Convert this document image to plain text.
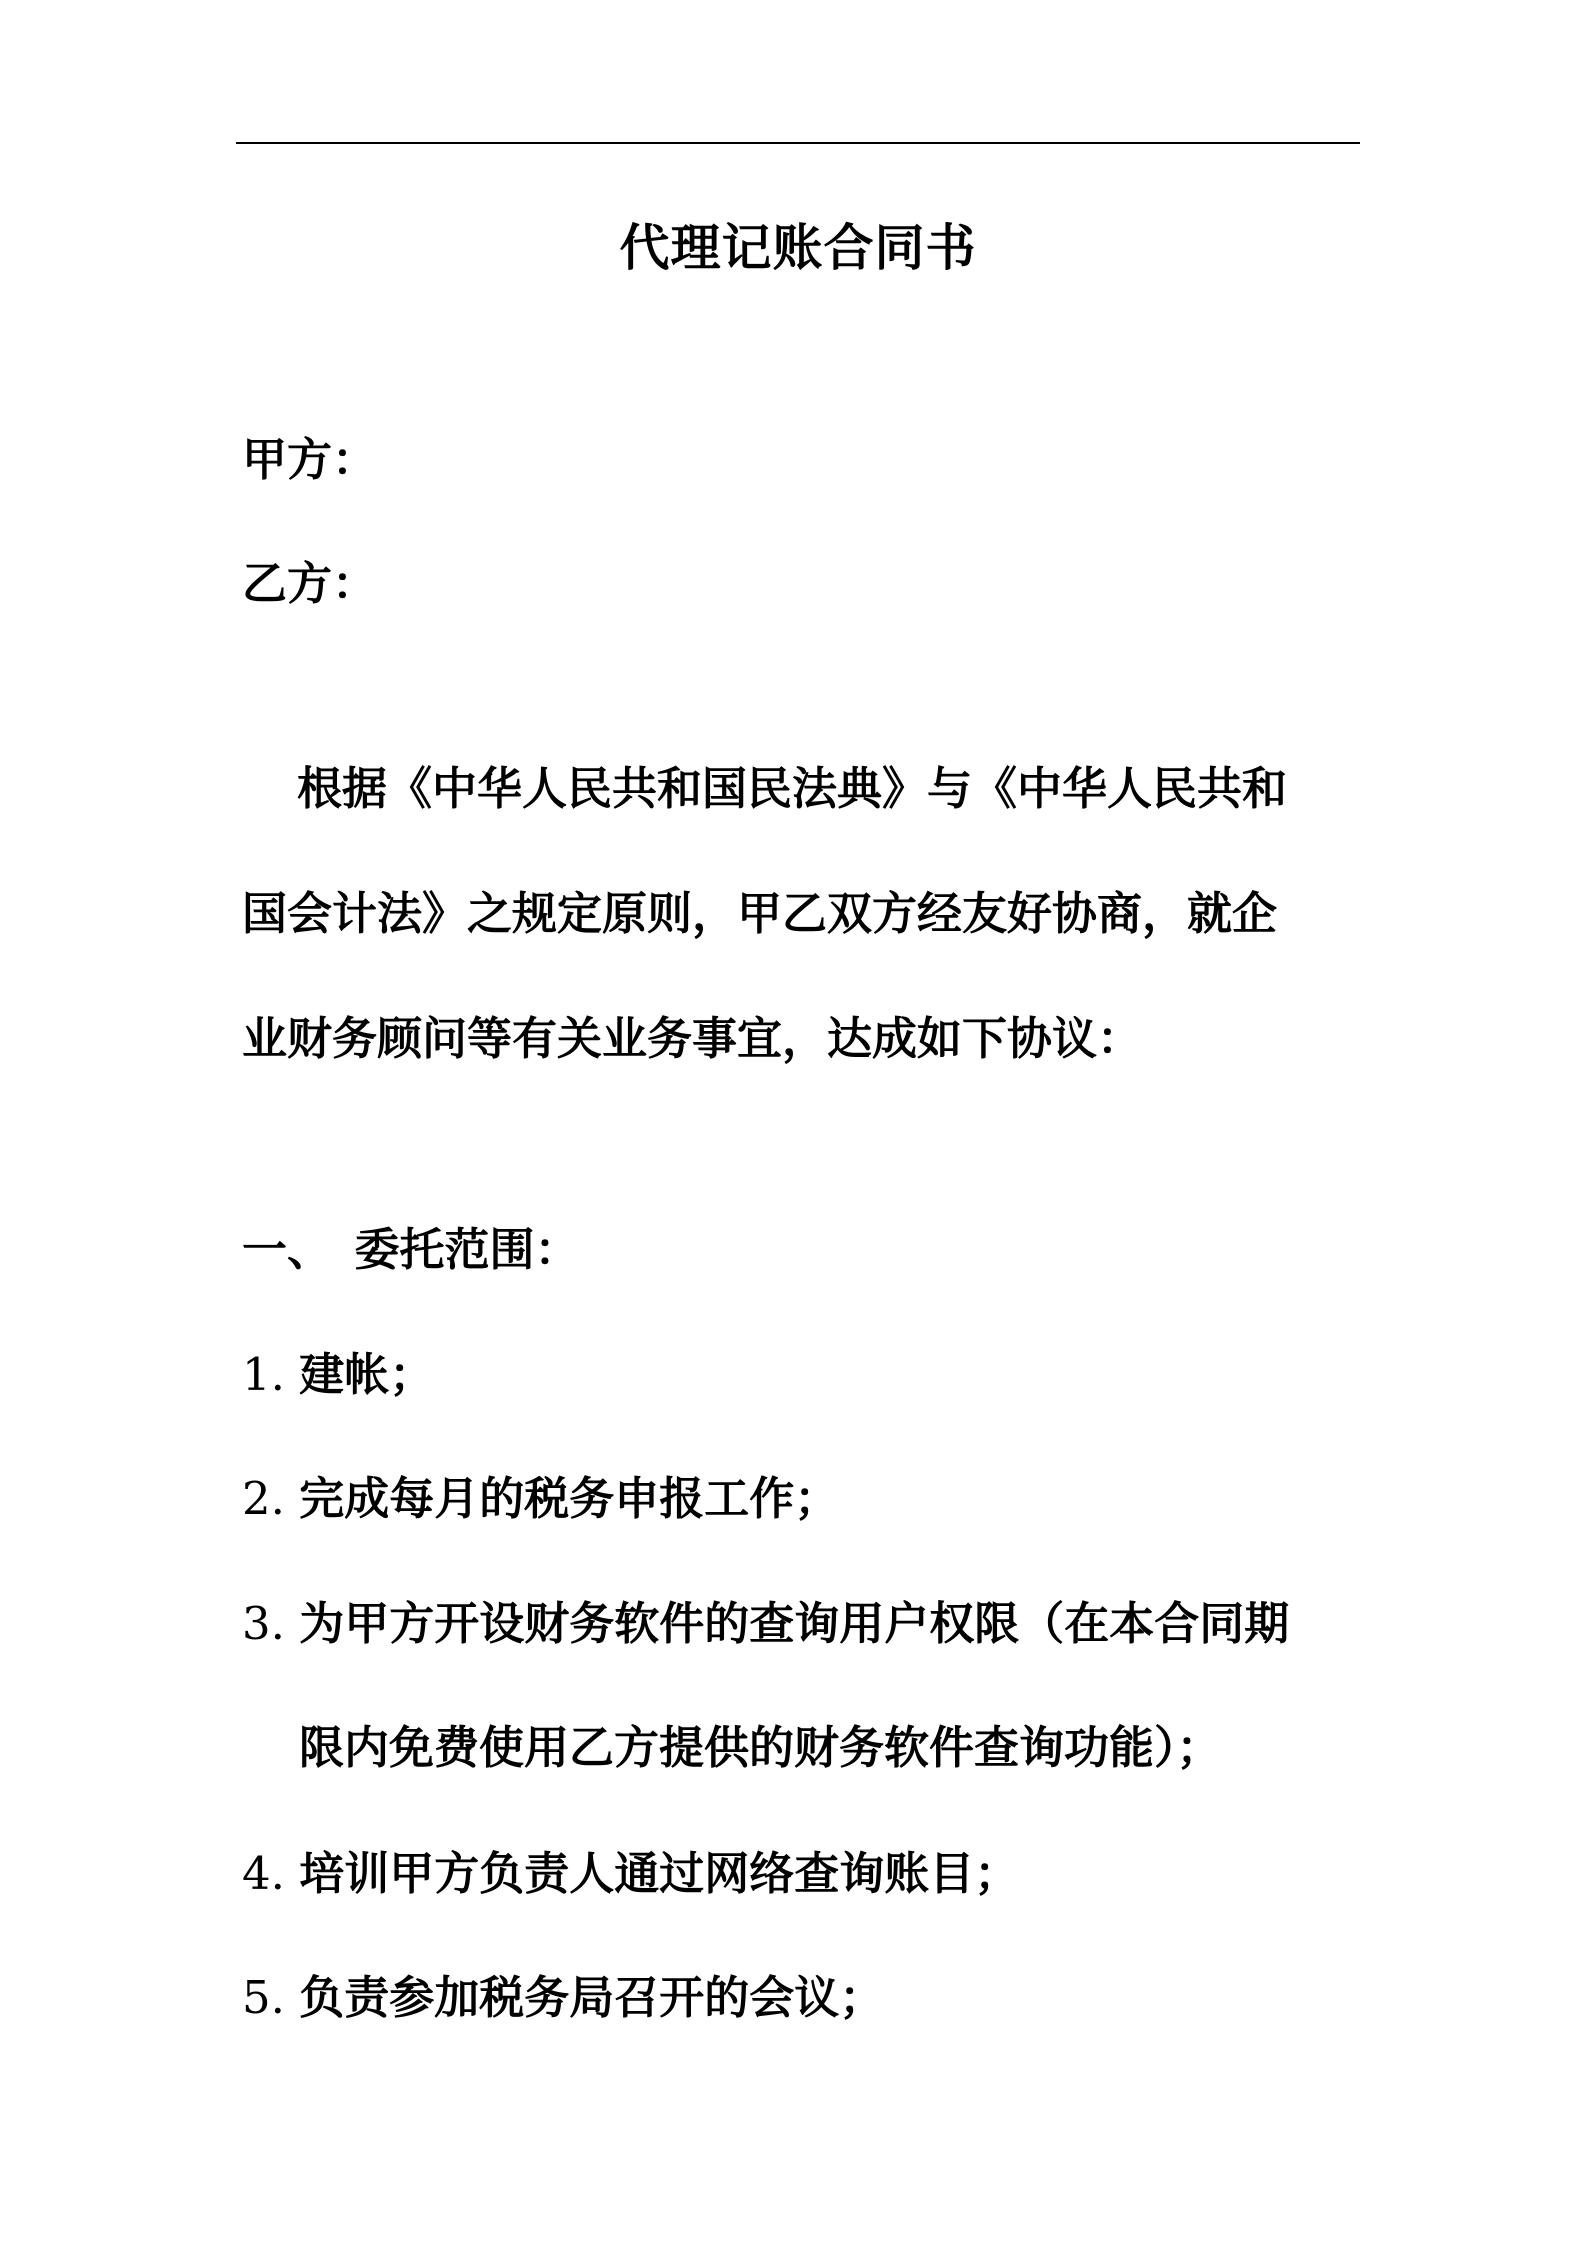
代理记账合同书
甲方：
乙方：
　根据《中华人民共和国民法典》与《中华人民共和
国会计法》之规定原则，甲乙双方经友好协商，就企
业财务顾问等有关业务事宜，达成如下协议：
一、　委托范围：
1. 建帐；
2. 完成每月的税务申报工作；
3. 为甲方开设财务软件的查询用户权限（在本合同期
限内免费使用乙方提供的财务软件查询功能）；
4. 培训甲方负责人通过网络查询账目；
5. 负责参加税务局召开的会议；
